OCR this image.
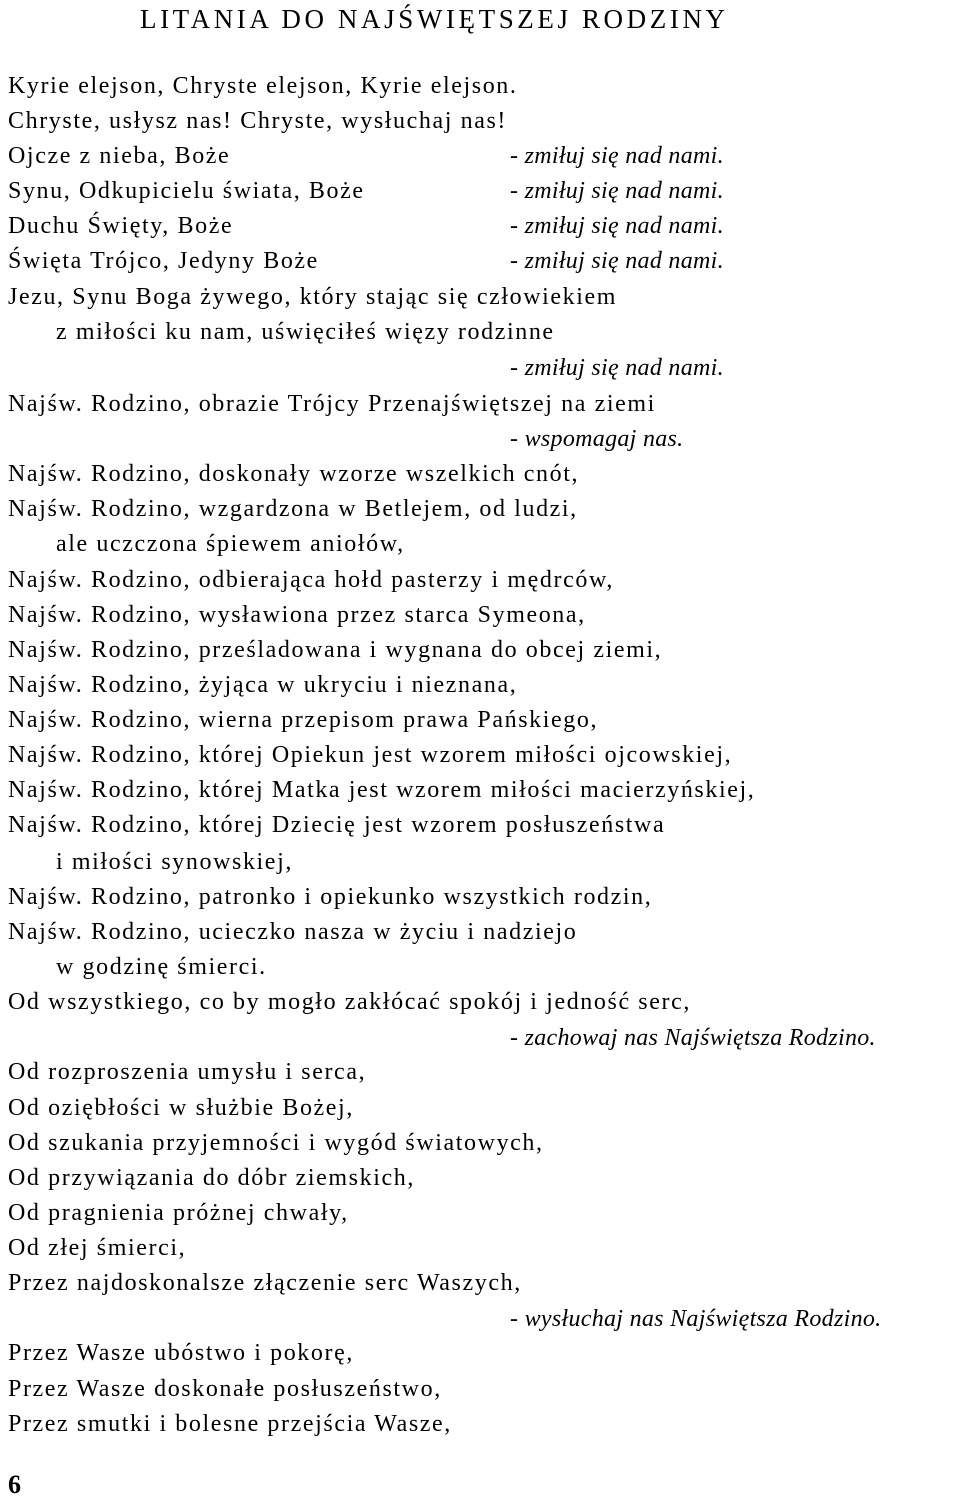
LITANIA DO NAJŚWIĘTSZEJ RODZINY
Kyrie elejson, Chryste elejson, Kyrie elejson.
Chryste, usłysz nas! Chryste, wysłuchaj nas!
Ojcze z nieba, Boże	- zmiłuj się nad nami.
Synu, Odkupicielu świata, Boże	- zmiłuj się nad nami.
Duchu Święty, Boże	- zmiłuj się nad nami.
Święta Trójco, Jedyny Boże	- zmiłuj się nad nami.
Jezu, Synu Boga żywego, który stając się człowiekiem
z miłości ku nam, uświęciłeś więzy rodzinne
- zmiłuj się nad nami.
Najśw. Rodzino, obrazie Trójcy Przenajświętszej na ziemi
- wspomagaj nas.
Najśw. Rodzino, doskonały wzorze wszelkich cnót,
Najśw. Rodzino, wzgardzona w Betlejem, od ludzi,
ale uczczona śpiewem aniołów,
Najśw. Rodzino, odbierająca hołd pasterzy i mędrców,
Najśw. Rodzino, wysławiona przez starca Symeona,
Najśw. Rodzino, prześladowana i wygnana do obcej ziemi,
Najśw. Rodzino, żyjąca w ukryciu i nieznana,
Najśw. Rodzino, wierna przepisom prawa Pańskiego,
Najśw. Rodzino, której Opiekun jest wzorem miłości ojcowskiej,
Najśw. Rodzino, której Matka jest wzorem miłości macierzyńskiej,
Najśw. Rodzino, której Dziecię jest wzorem posłuszeństwa
i miłości synowskiej,
Najśw. Rodzino, patronko i opiekunko wszystkich rodzin,
Najśw. Rodzino, ucieczko nasza w życiu i nadziejo
w godzinę śmierci.
Od wszystkiego, co by mogło zakłócać spokój i jedność serc,
- zachowaj nas Najświętsza Rodzino.
Od rozproszenia umysłu i serca,
Od oziębłości w służbie Bożej,
Od szukania przyjemności i wygód światowych,
Od przywiązania do dóbr ziemskich,
Od pragnienia próżnej chwały,
Od złej śmierci,
Przez najdoskonalsze złączenie serc Waszych,
- wysłuchaj nas Najświętsza Rodzino.
Przez Wasze ubóstwo i pokorę,
Przez Wasze doskonałe posłuszeństwo,
Przez smutki i bolesne przejścia Wasze,
6
